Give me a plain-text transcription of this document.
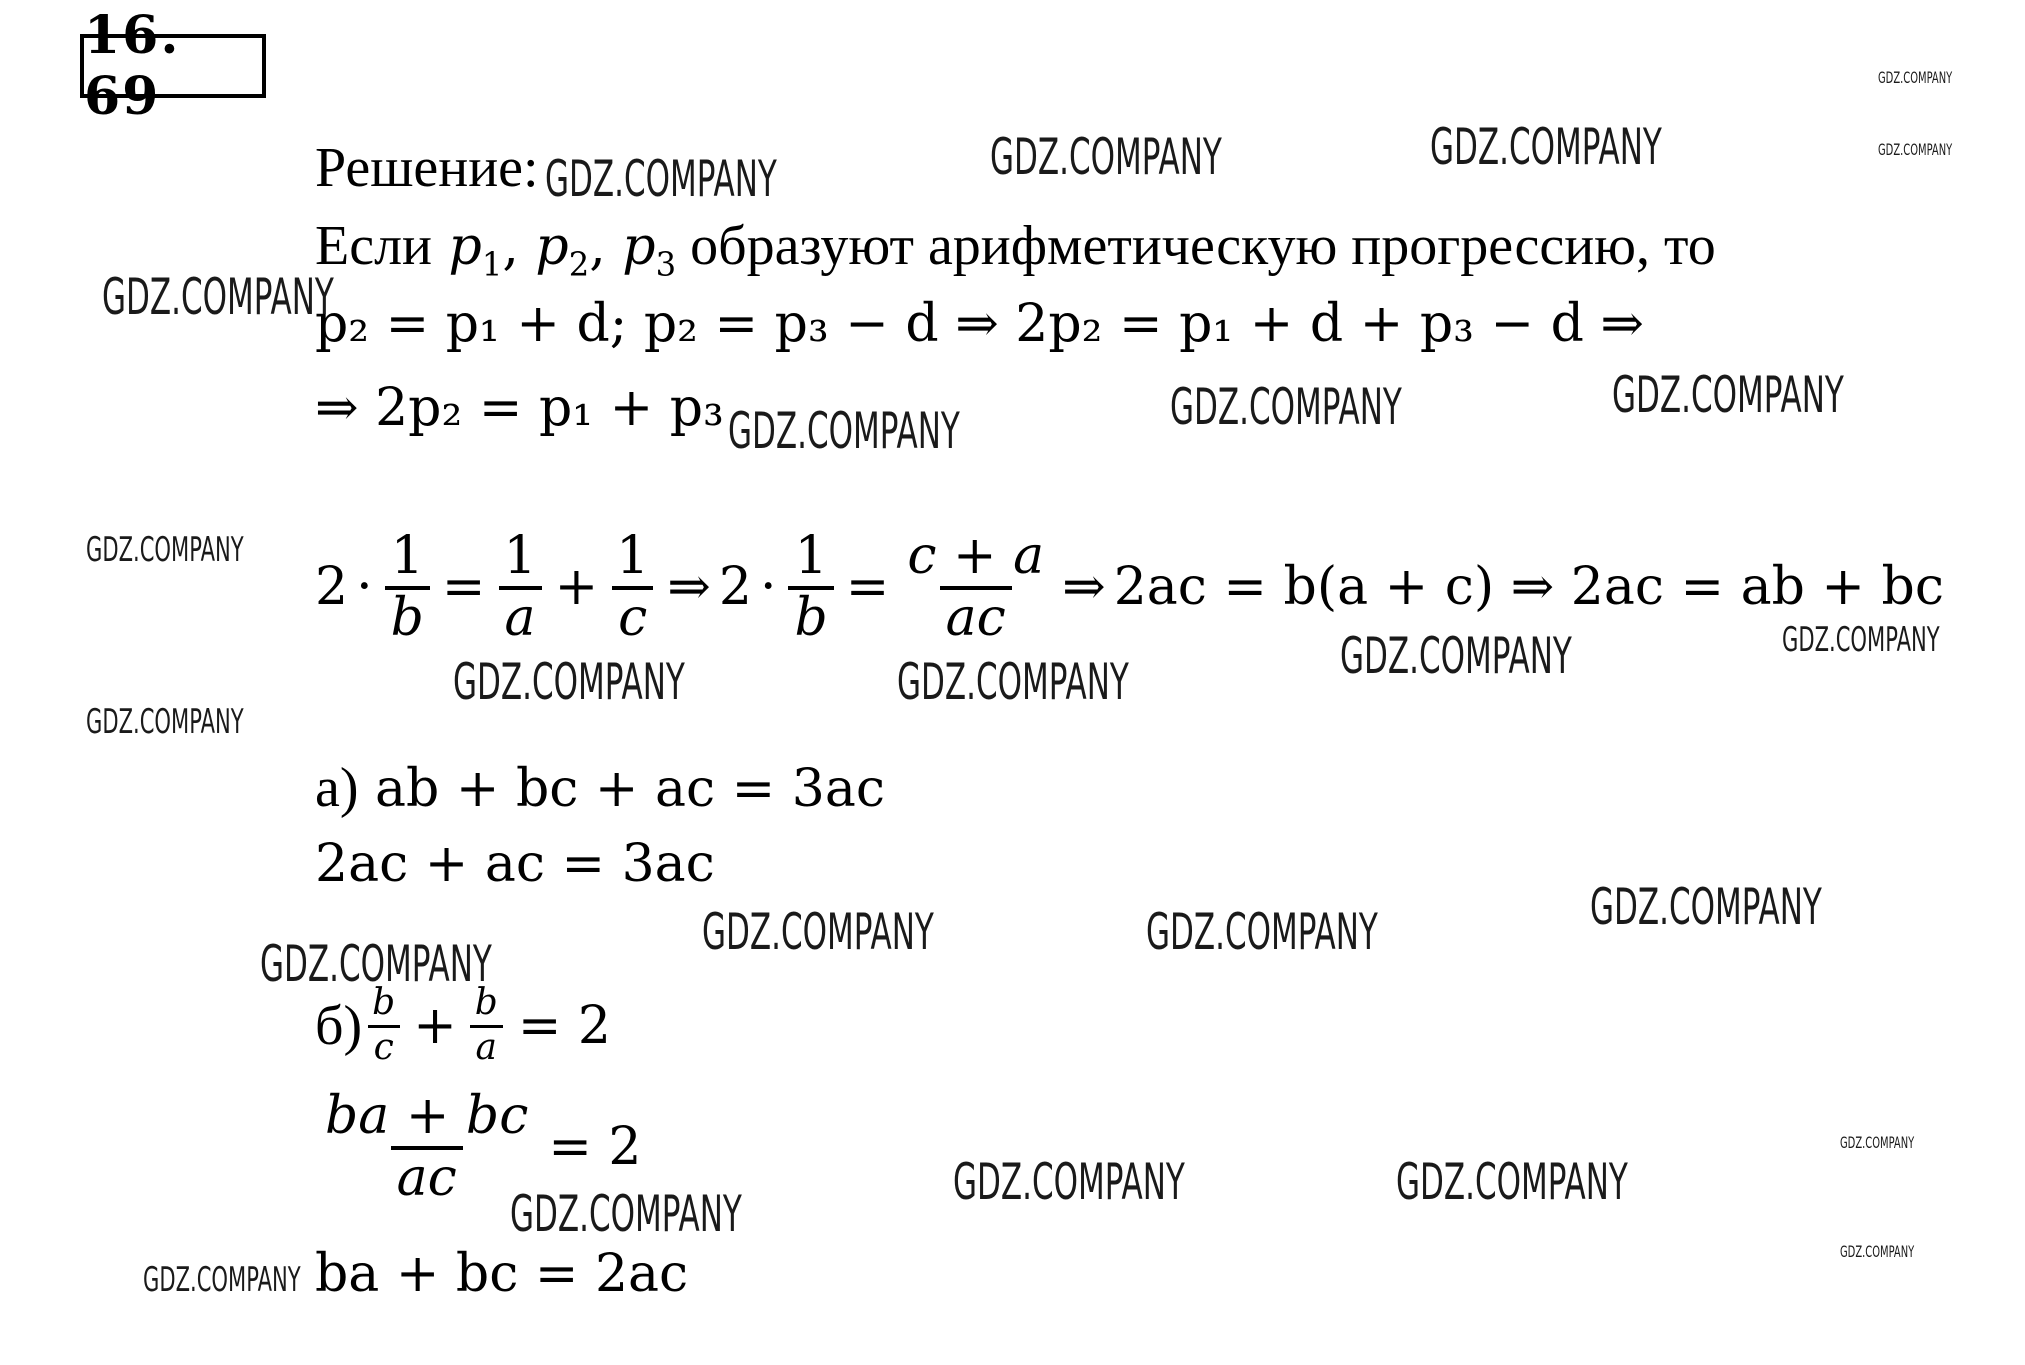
16. 69
Решение:
Если $p_1$, $p_2$, $p_3$ образуют арифметическую прогрессию, то
p₂ = p₁ + d; p₂ = p₃ − d ⇒ 2p₂ = p₁ + d + p₃ − d ⇒
⇒ 2p₂ = p₁ + p₃
$2 \cdot \frac{1}{b} = \frac{1}{a} + \frac{1}{c}$ ⇒ $2 \cdot \frac{1}{b} = \frac{c + a}{ac}$ ⇒ 2ac = b(a + c) ⇒ 2ac = ab + bc
а) ab + bc + ac = 3ac
2ac + ac = 3ac
$б) \frac{b}{c} + \frac{b}{a} = 2$
$\frac{ba + bc}{ac} = 2$
ba + bc = 2ac
GDZ.COMPANY
GDZ.COMPANY
GDZ.COMPANY	GDZ.COMPANY	GDZ.COMPANY
GDZ.COMPANY
GDZ.COMPANY	GDZ.COMPANY	GDZ.COMPANY
GDZ.COMPANY
GDZ.COMPANY
GDZ.COMPANY
GDZ.COMPANY	GDZ.COMPANY
GDZ.COMPANY
GDZ.COMPANY
GDZ.COMPANY	GDZ.COMPANY
GDZ.COMPANY
GDZ.COMPANY
GDZ.COMPANY	GDZ.COMPANY
GDZ.COMPANY
GDZ.COMPANY
GDZ.COMPANY
